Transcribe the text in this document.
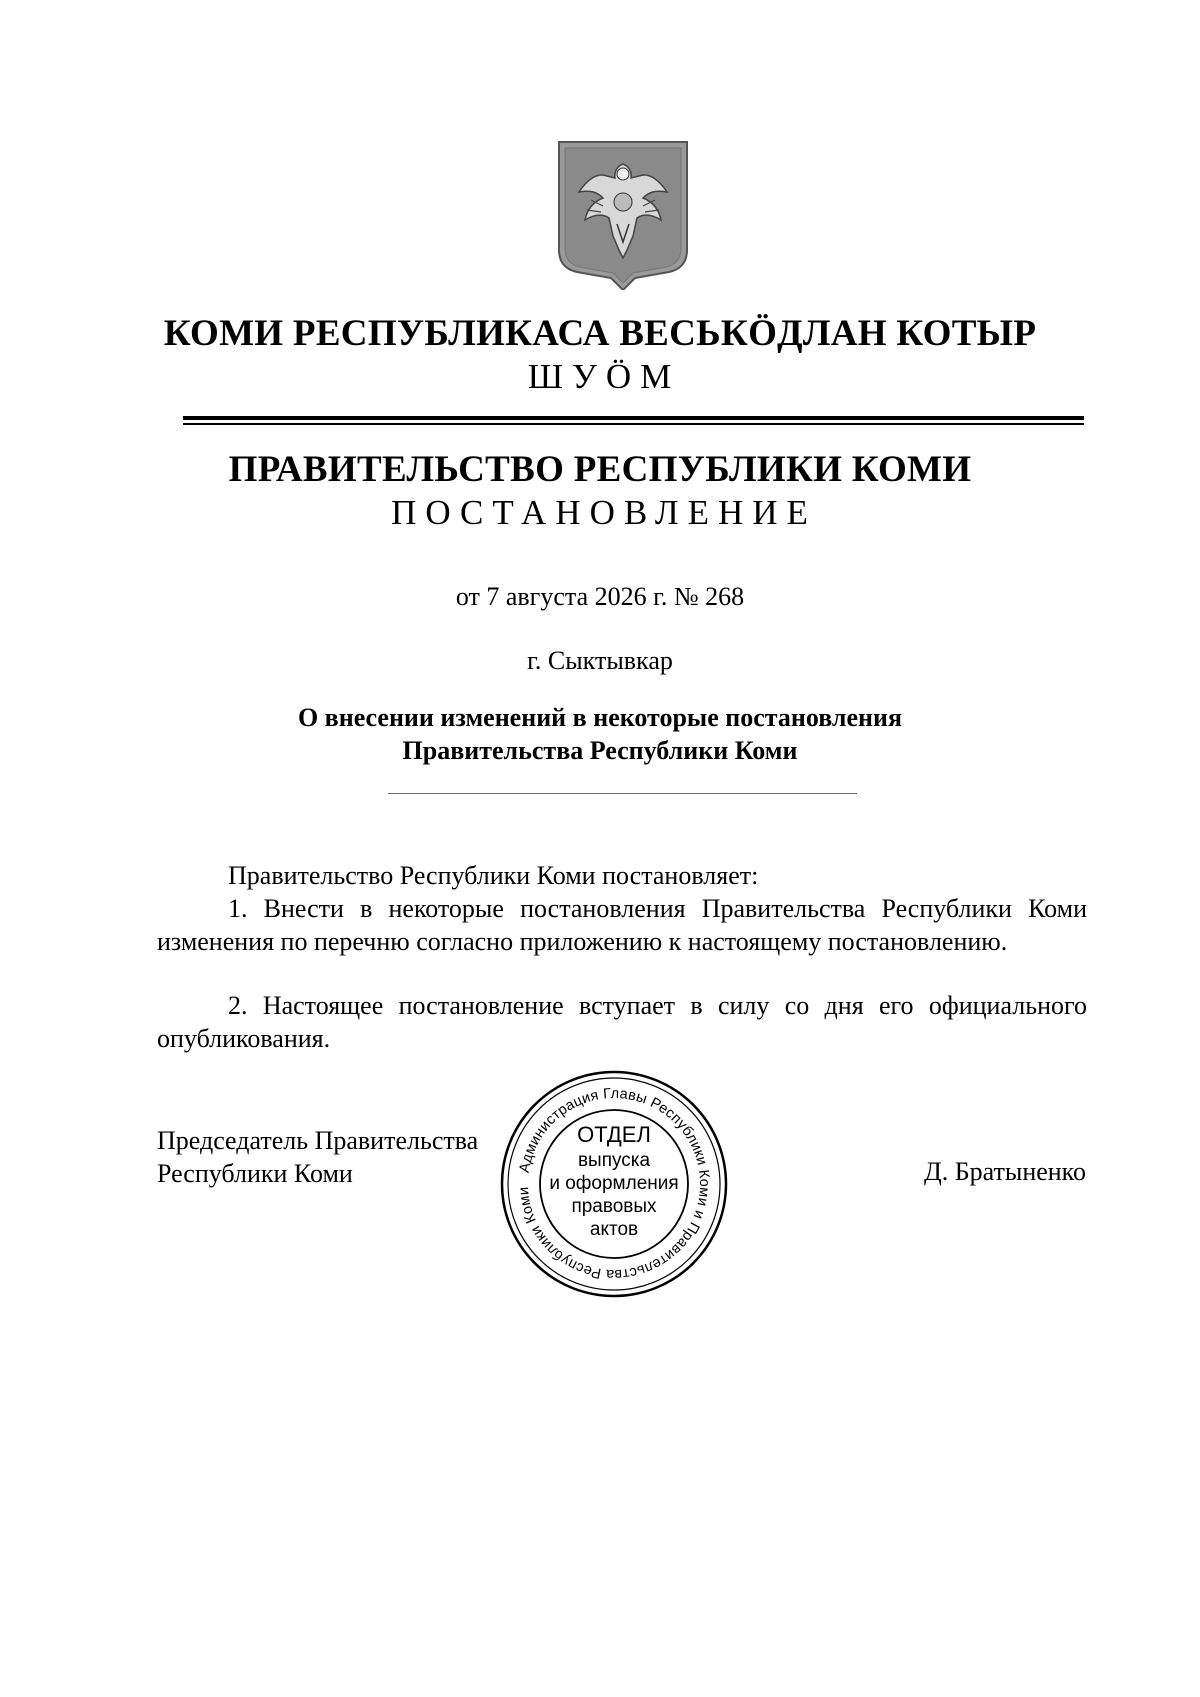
КОМИ РЕСПУБЛИКАСА ВЕСЬКӦДЛАН КОТЫР
ШУӦМ
ПРАВИТЕЛЬСТВО РЕСПУБЛИКИ КОМИ
ПОСТАНОВЛЕНИЕ
от 7 августа 2026 г. № 268
г. Сыктывкар
О внесении изменений в некоторые постановления
Правительства Республики Коми
Правительство Республики Коми постановляет:
1. Внести в некоторые постановления Правительства Республики Коми изменения по перечню согласно приложению к настоящему постановлению.
2. Настоящее постановление вступает в силу со дня его официального опубликования.
Председатель Правительства
Республики Коми	Д. Братыненко
Администрация Главы Республики Коми и Правительства Республики Коми
ОТДЕЛ
выпуска
и оформления
правовых
актов
